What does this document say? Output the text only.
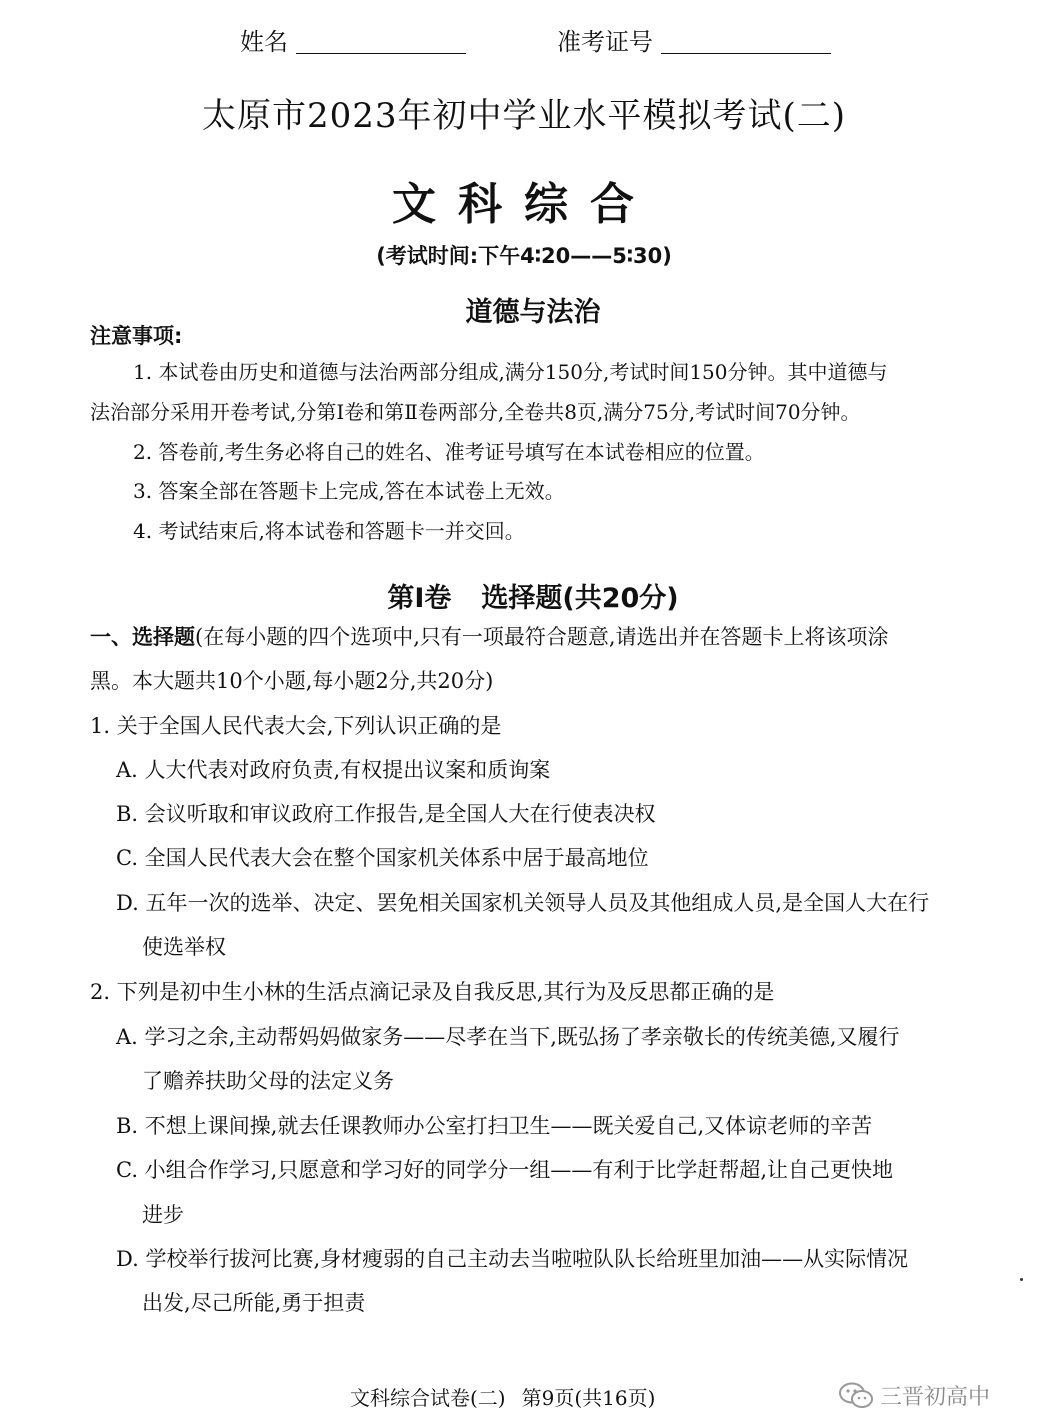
姓名	准考证号
太原市2023年初中学业水平模拟考试(二)
文科综合
(考试时间:下午4∶20——5∶30)
道德与法治
注意事项:
1. 本试卷由历史和道德与法治两部分组成,满分150分,考试时间150分钟。其中道德与
法治部分采用开卷考试,分第Ⅰ卷和第Ⅱ卷两部分,全卷共8页,满分75分,考试时间70分钟。
2. 答卷前,考生务必将自己的姓名、准考证号填写在本试卷相应的位置。
3. 答案全部在答题卡上完成,答在本试卷上无效。
4. 考试结束后,将本试卷和答题卡一并交回。
第Ⅰ卷 选择题(共20分)
一、选择题(在每小题的四个选项中,只有一项最符合题意,请选出并在答题卡上将该项涂
黑。本大题共10个小题,每小题2分,共20分)
1. 关于全国人民代表大会,下列认识正确的是
A. 人大代表对政府负责,有权提出议案和质询案
B. 会议听取和审议政府工作报告,是全国人大在行使表决权
C. 全国人民代表大会在整个国家机关体系中居于最高地位
D. 五年一次的选举、决定、罢免相关国家机关领导人员及其他组成人员,是全国人大在行
使选举权
2. 下列是初中生小林的生活点滴记录及自我反思,其行为及反思都正确的是
A. 学习之余,主动帮妈妈做家务——尽孝在当下,既弘扬了孝亲敬长的传统美德,又履行
了赡养扶助父母的法定义务
B. 不想上课间操,就去任课教师办公室打扫卫生——既关爱自己,又体谅老师的辛苦
C. 小组合作学习,只愿意和学习好的同学分一组——有利于比学赶帮超,让自己更快地
进步
D. 学校举行拔河比赛,身材瘦弱的自己主动去当啦啦队队长给班里加油——从实际情况
出发,尽己所能,勇于担责
文科综合试卷(二) 第9页(共16页)	三晋初高中
